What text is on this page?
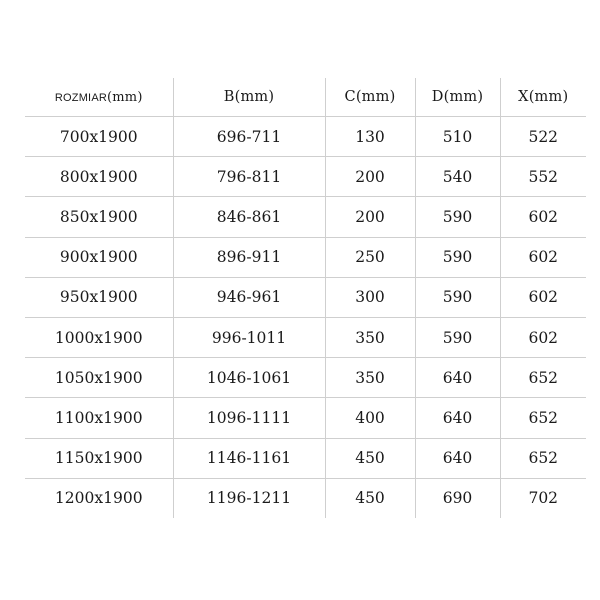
ROZMIAR(mm)	B(mm)	C(mm)	D(mm)	X(mm)
700x1900	696-711	130	510	522
800x1900	796-811	200	540	552
850x1900	846-861	200	590	602
900x1900	896-911	250	590	602
950x1900	946-961	300	590	602
1000x1900	996-1011	350	590	602
1050x1900	1046-1061	350	640	652
1100x1900	1096-1111	400	640	652
1150x1900	1146-1161	450	640	652
1200x1900	1196-1211	450	690	702
